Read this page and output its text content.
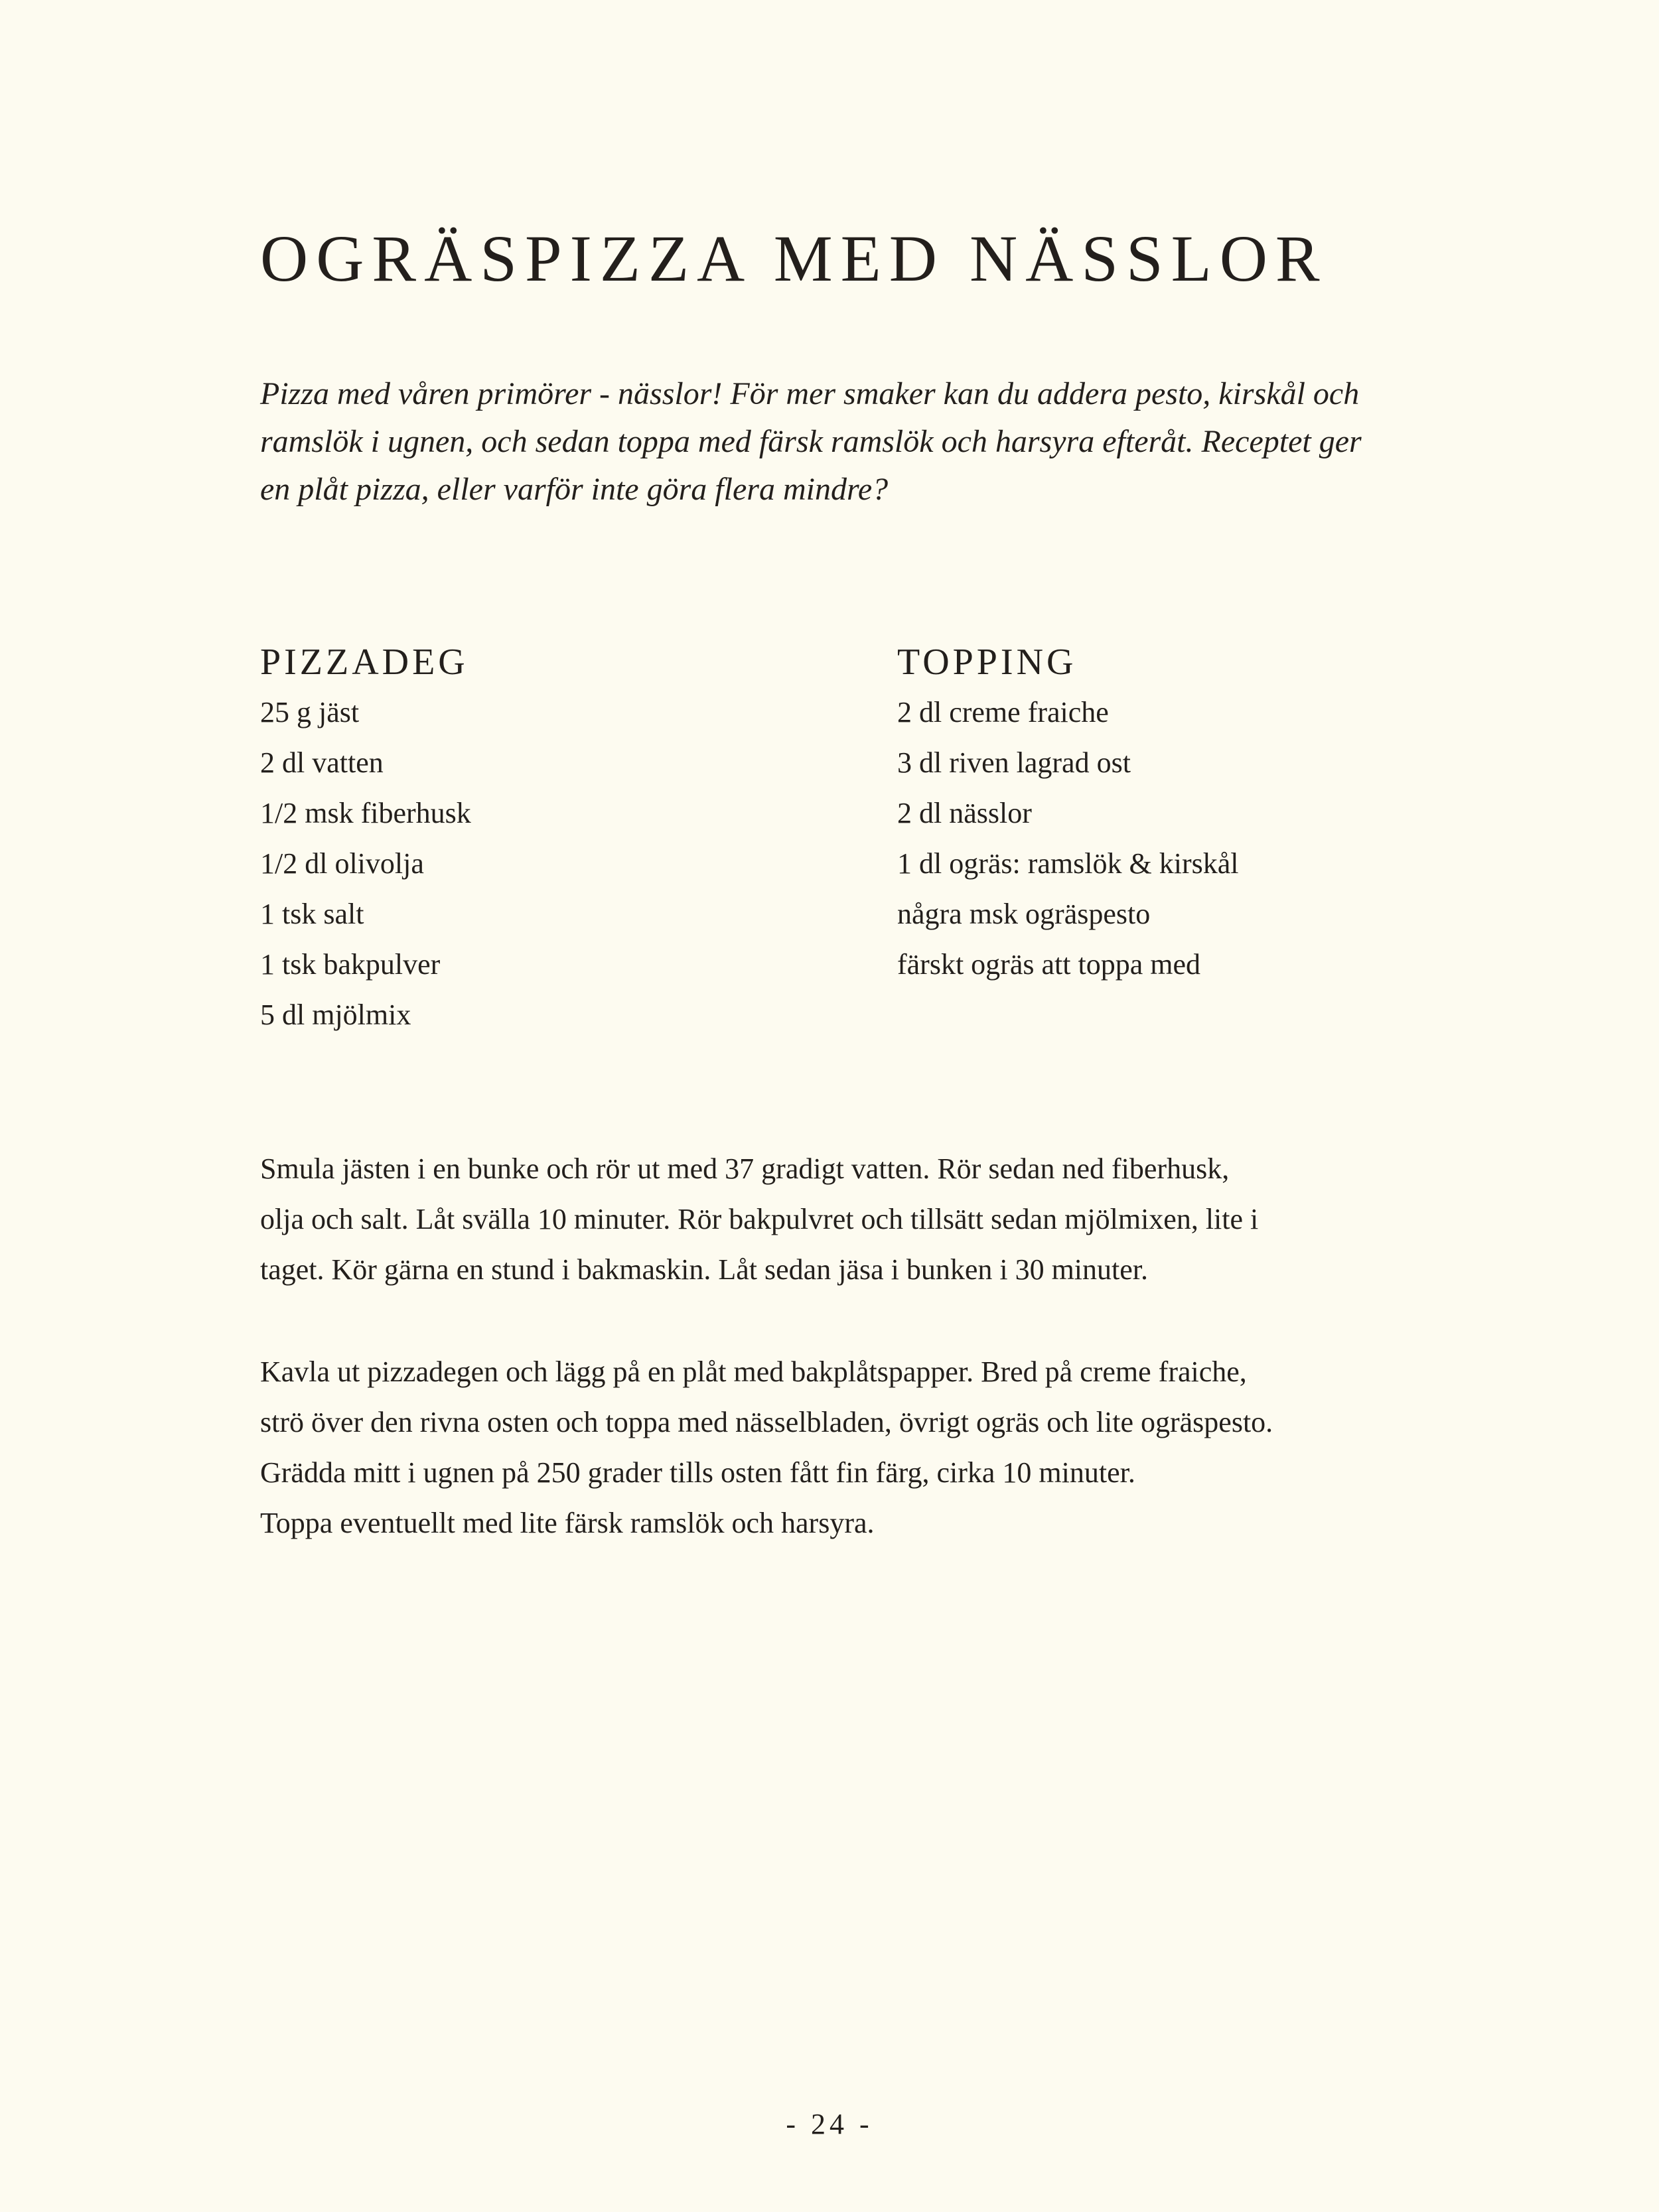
OGRÄSPIZZA MED NÄSSLOR

Pizza med våren primörer - nässlor! För mer smaker kan du addera pesto, kirskål och
ramslök i ugnen, och sedan toppa med färsk ramslök och harsyra efteråt. Receptet ger
en plåt pizza, eller varför inte göra flera mindre?

PIZZADEG
25 g jäst
2 dl vatten
1/2 msk fiberhusk
1/2 dl olivolja
1 tsk salt
1 tsk bakpulver
5 dl mjölmix
TOPPING
2 dl creme fraiche
3 dl riven lagrad ost
2 dl nässlor
1 dl ogräs: ramslök & kirskål
några msk ogräspesto
färskt ogräs att toppa med

Smula jästen i en bunke och rör ut med 37 gradigt vatten. Rör sedan ned fiberhusk,
olja och salt. Låt svälla 10 minuter. Rör bakpulvret och tillsätt sedan mjölmixen, lite i
taget. Kör gärna en stund i bakmaskin. Låt sedan jäsa i bunken i 30 minuter.

Kavla ut pizzadegen och lägg på en plåt med bakplåtspapper. Bred på creme fraiche,
strö över den rivna osten och toppa med nässelbladen, övrigt ogräs och lite ogräspesto.
Grädda mitt i ugnen på 250 grader tills osten fått fin färg, cirka 10 minuter.
Toppa eventuellt med lite färsk ramslök och harsyra.

- 24 -
